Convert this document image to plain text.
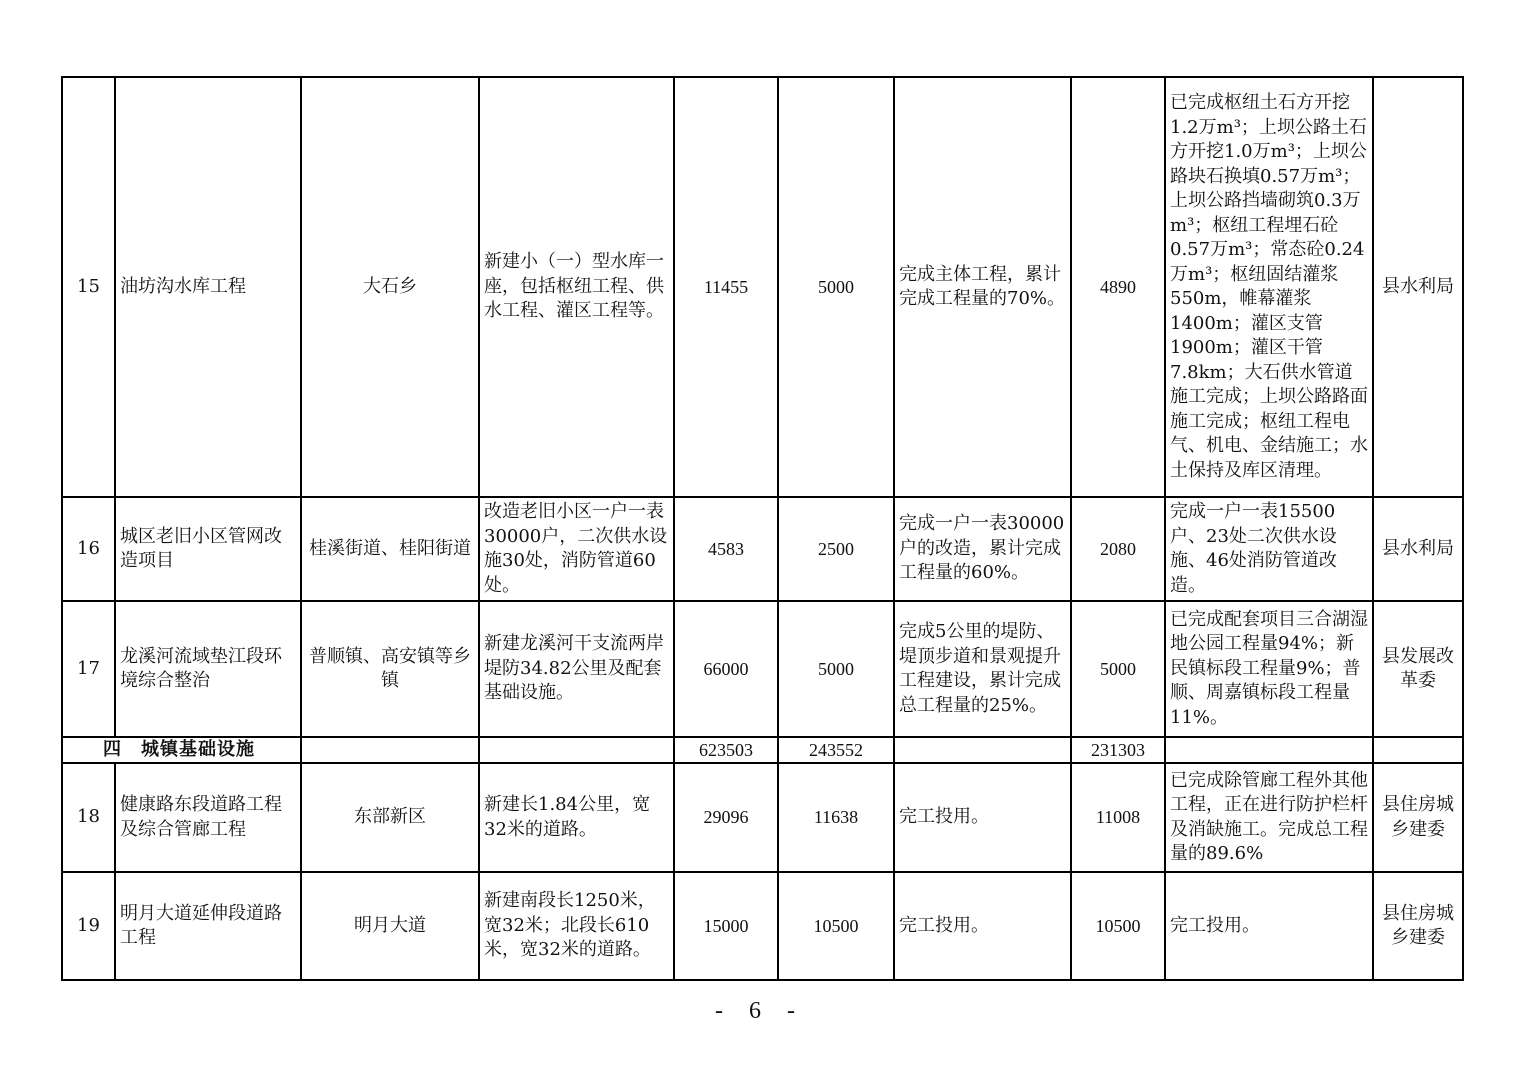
15	油坊沟水库工程	大石乡	新建小（一）型水库一座，包括枢纽工程、供水工程、灌区工程等。	11455	5000	完成主体工程，累计完成工程量的70%。	4890	已完成枢纽土石方开挖1.2万m³；上坝公路土石方开挖1.0万m³；上坝公路块石换填0.57万m³；上坝公路挡墙砌筑0.3万m³；枢纽工程埋石砼0.57万m³；常态砼0.24万m³；枢纽固结灌浆550m，帷幕灌浆1400m；灌区支管1900m；灌区干管7.8km；大石供水管道施工完成；上坝公路路面施工完成；枢纽工程电气、机电、金结施工；水土保持及库区清理。	县水利局
16	城区老旧小区管网改造项目	桂溪街道、桂阳街道	改造老旧小区一户一表30000户，二次供水设施30处，消防管道60处。	4583	2500	完成一户一表30000户的改造，累计完成工程量的60%。	2080	完成一户一表15500户、23处二次供水设施、46处消防管道改造。	县水利局
17	龙溪河流域垫江段环境综合整治	普顺镇、高安镇等乡镇	新建龙溪河干支流两岸堤防34.82公里及配套基础设施。	66000	5000	完成5公里的堤防、堤顶步道和景观提升工程建设，累计完成总工程量的25%。	5000	已完成配套项目三合湖湿地公园工程量94%；新民镇标段工程量9%；普顺、周嘉镇标段工程量11%。	县发展改革委
四　城镇基础设施				623503	243552		231303		
18	健康路东段道路工程及综合管廊工程	东部新区	新建长1.84公里，宽32米的道路。	29096	11638	完工投用。	11008	已完成除管廊工程外其他工程，正在进行防护栏杆及消缺施工。完成总工程量的89.6%	县住房城乡建委
19	明月大道延伸段道路工程	明月大道	新建南段长1250米，宽32米；北段长610米，宽32米的道路。	15000	10500	完工投用。	10500	完工投用。	县住房城乡建委
- 6 -
